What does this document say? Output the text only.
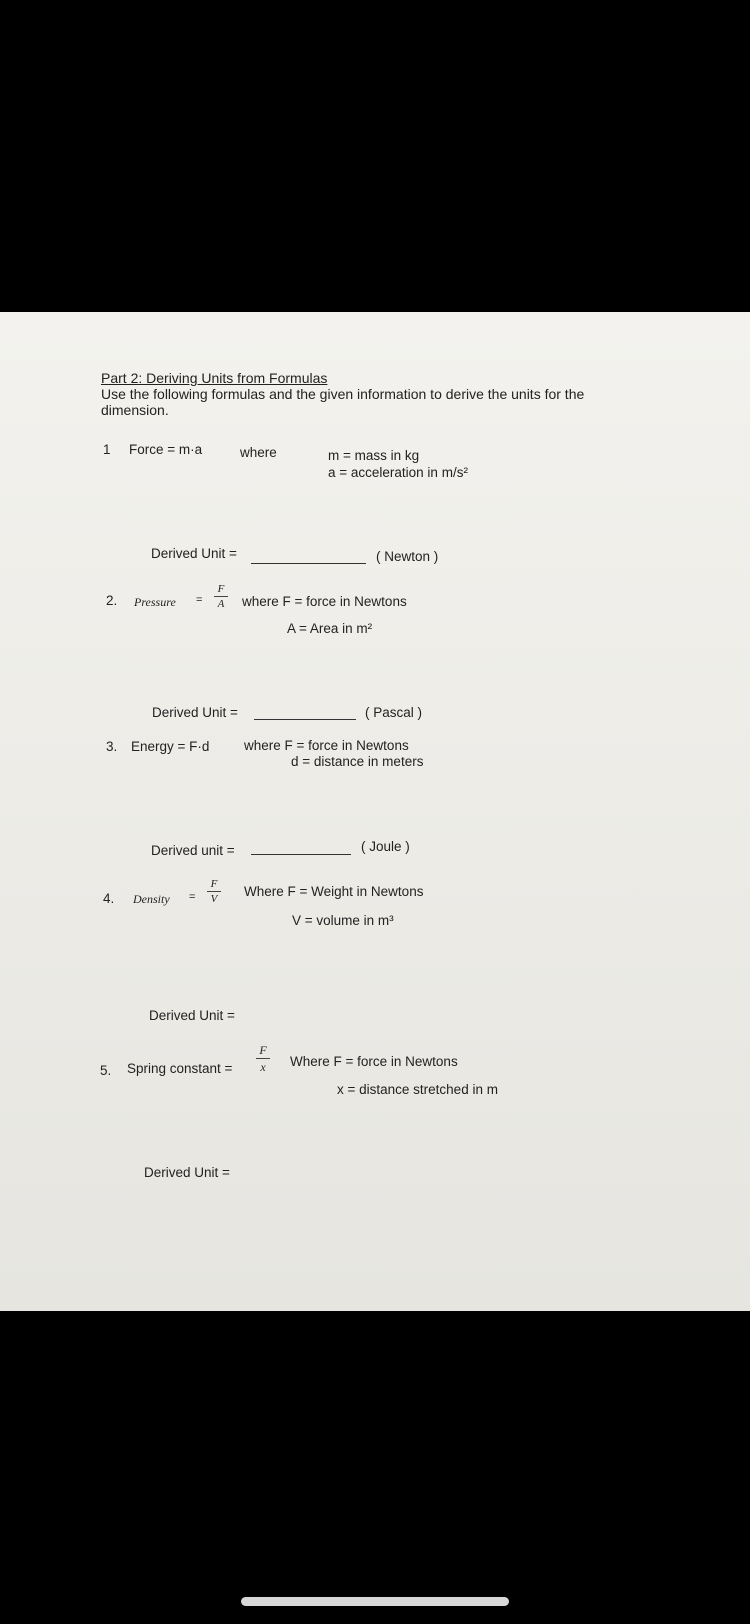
Part 2: Deriving Units from Formulas
Use the following formulas and the given information to derive the units for the dimension.
1 Force = m·a	where	m = mass in kg
a = acceleration in m/s²
Derived Unit =	( Newton )
2. Pressure =
F
A where F = force in Newtons
A = Area in m²
Derived Unit =	( Pascal )
3. Energy = F·d	where F = force in Newtons
d = distance in meters
Derived unit =	( Joule )
4. Density =
F
V Where F = Weight in Newtons
V = volume in m³
Derived Unit =
5. Spring constant =
F
x	Where F = force in Newtons
x = distance stretched in m
Derived Unit =
